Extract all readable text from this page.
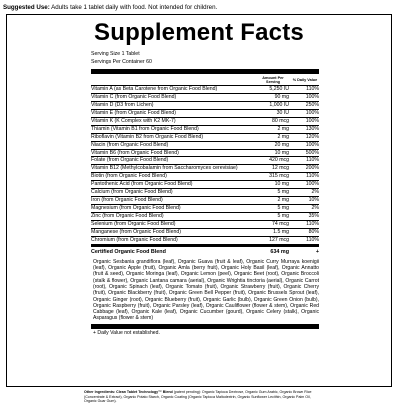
Suggested Use: Adults take 1 tablet daily with food. Not intended for children.
Supplement Facts
Serving Size 1 Tablet
Servings Per Container 60
Amount Per Serving	% Daily Value
Vitamin A (as Beta Carotene from Organic Food Blend)	5,250 IU	110%
Vitamin C (from Organic Food Blend)	90 mg	100%
Vitamin D (D3 from Lichen)	1,000 IU	250%
Vitamin E (from Organic Food Blend)	30 IU	100%
Vitamin K (K Complex with K2 MK-7)	80 mcg	100%
Thiamin (Vitamin B1 from Organic Food Blend)	2 mg	130%
Riboflavin (Vitamin B2 from Organic Food Blend)	2 mg	120%
Niacin (from Organic Food Blend)	20 mg	100%
Vitamin B6 (from Organic Food Blend)	10 mg	500%
Folate (from Organic Food Blend)	420 mcg	110%
Vitamin B12 (Methylcobalamin from Saccharomyces cerevisiae)	12 mcg	200%
Biotin (from Organic Food Blend)	315 mcg	110%
Pantothenic Acid (from Organic Food Blend)	10 mg	100%
Calcium (from Organic Food Blend)	5 mg	2%
Iron (from Organic Food Blend)	2 mg	10%
Magnesium (from Organic Food Blend)	5 mg	2%
Zinc (from Organic Food Blend)	5 mg	35%
Selenium (from Organic Food Blend)	74 mcg	110%
Manganese (from Organic Food Blend)	1.5 mg	80%
Chromium (from Organic Food Blend)	127 mcg	110%
Certified Organic Food Blend	634 mg	+
Organic Sesbania grandiflora (leaf), Organic Guava (fruit & leaf), Organic Curry Murraya koenigii (leaf), Organic Apple (fruit), Organic Amla (berry fruit), Organic Holy Basil (leaf), Organic Annatto (fruit & seed), Organic Moringa (leaf), Organic Lemon (peel), Organic Beet (root), Organic Broccoli (stalk & flower), Organic Lantana camara (aerial), Organic Wrightia tinctoria (aerial), Organic Carrot (root), Organic Spinach (leaf), Organic Tomato (fruit), Organic Strawberry (fruit), Organic Cherry (fruit), Organic Blackberry (fruit), Organic Green Bell Pepper (fruit), Organic Brussels Sprout (leaf), Organic Ginger (root), Organic Blueberry (fruit), Organic Garlic (bulb), Organic Green Onion (bulb), Organic Raspberry (fruit), Organic Parsley (leaf), Organic Cauliflower (flower & stem), Organic Red Cabbage (leaf), Organic Kale (leaf), Organic Cucumber (gourd), Organic Celery (stalk), Organic Asparagus (flower & stem)
+ Daily Value not established.
Other Ingredients: Clean Tablet Technology™ Blend (patent pending): Organic Tapioca Dextrose, Organic Gum Arabic, Organic Brown Rice (Concentrate & Extract), Organic Potato Starch, Organic Coating (Organic Tapioca Maltodextrin, Organic Sunflower Lecithin, Organic Palm Oil, Organic Guar Gum).
